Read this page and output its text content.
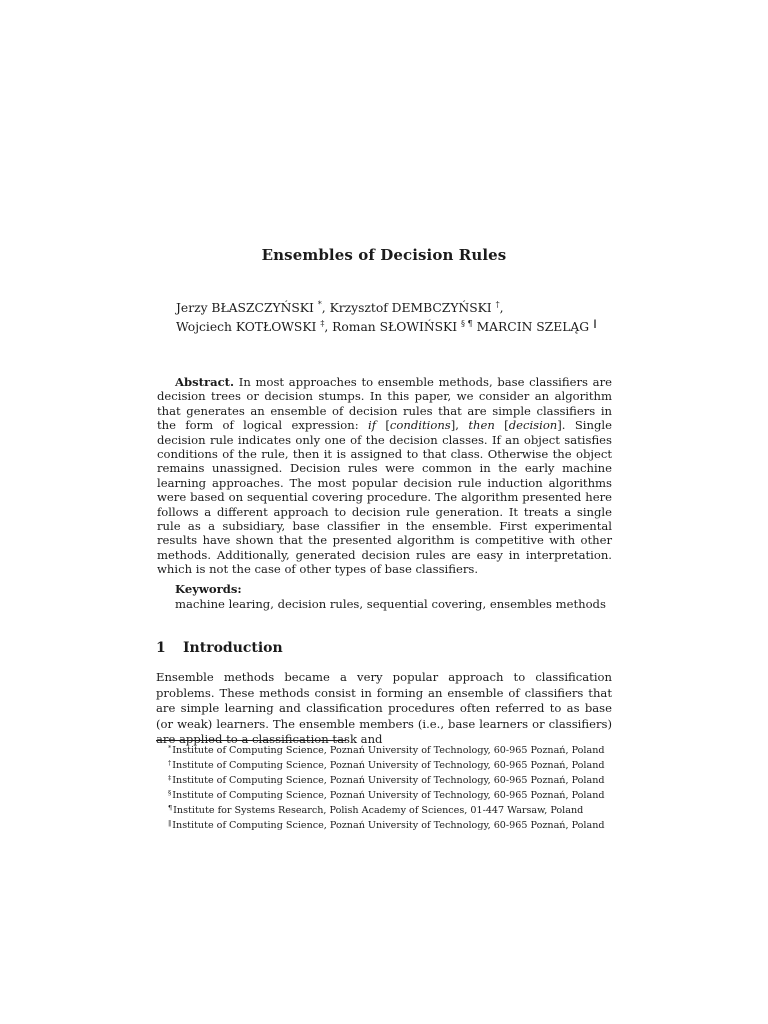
Ensembles of Decision Rules
Jerzy BŁASZCZYŃSKI *, Krzysztof DEMBCZYŃSKI †,
Wojciech KOTŁOWSKI ‡, Roman SŁOWIŃSKI § ¶ MARCIN SZELĄG ‖
Abstract. In most approaches to ensemble methods, base classifiers are decision trees or decision stumps. In this paper, we consider an algorithm that generates an ensemble of decision rules that are simple classifiers in the form of logical expression: if [conditions], then [decision]. Single decision rule indicates only one of the decision classes. If an object satisfies conditions of the rule, then it is assigned to that class. Otherwise the object remains unassigned. Decision rules were common in the early machine learning approaches. The most popular decision rule induction algorithms were based on sequential covering procedure. The algorithm presented here follows a different approach to decision rule generation. It treats a single rule as a subsidiary, base classifier in the ensemble. First experimental results have shown that the presented algorithm is competitive with other methods. Additionally, generated decision rules are easy in interpretation. which is not the case of other types of base classifiers.
Keywords:
machine learing, decision rules, sequential covering, ensembles methods
1 Introduction
Ensemble methods became a very popular approach to classification problems. These methods consist in forming an ensemble of classifiers that are simple learning and classification procedures often referred to as base (or weak) learners. The ensemble members (i.e., base learners or classifiers) are applied to a classification task and
*Institute of Computing Science, Poznań University of Technology, 60-965 Poznań, Poland
†Institute of Computing Science, Poznań University of Technology, 60-965 Poznań, Poland
‡Institute of Computing Science, Poznań University of Technology, 60-965 Poznań, Poland
§Institute of Computing Science, Poznań University of Technology, 60-965 Poznań, Poland
¶Institute for Systems Research, Polish Academy of Sciences, 01-447 Warsaw, Poland
‖Institute of Computing Science, Poznań University of Technology, 60-965 Poznań, Poland
